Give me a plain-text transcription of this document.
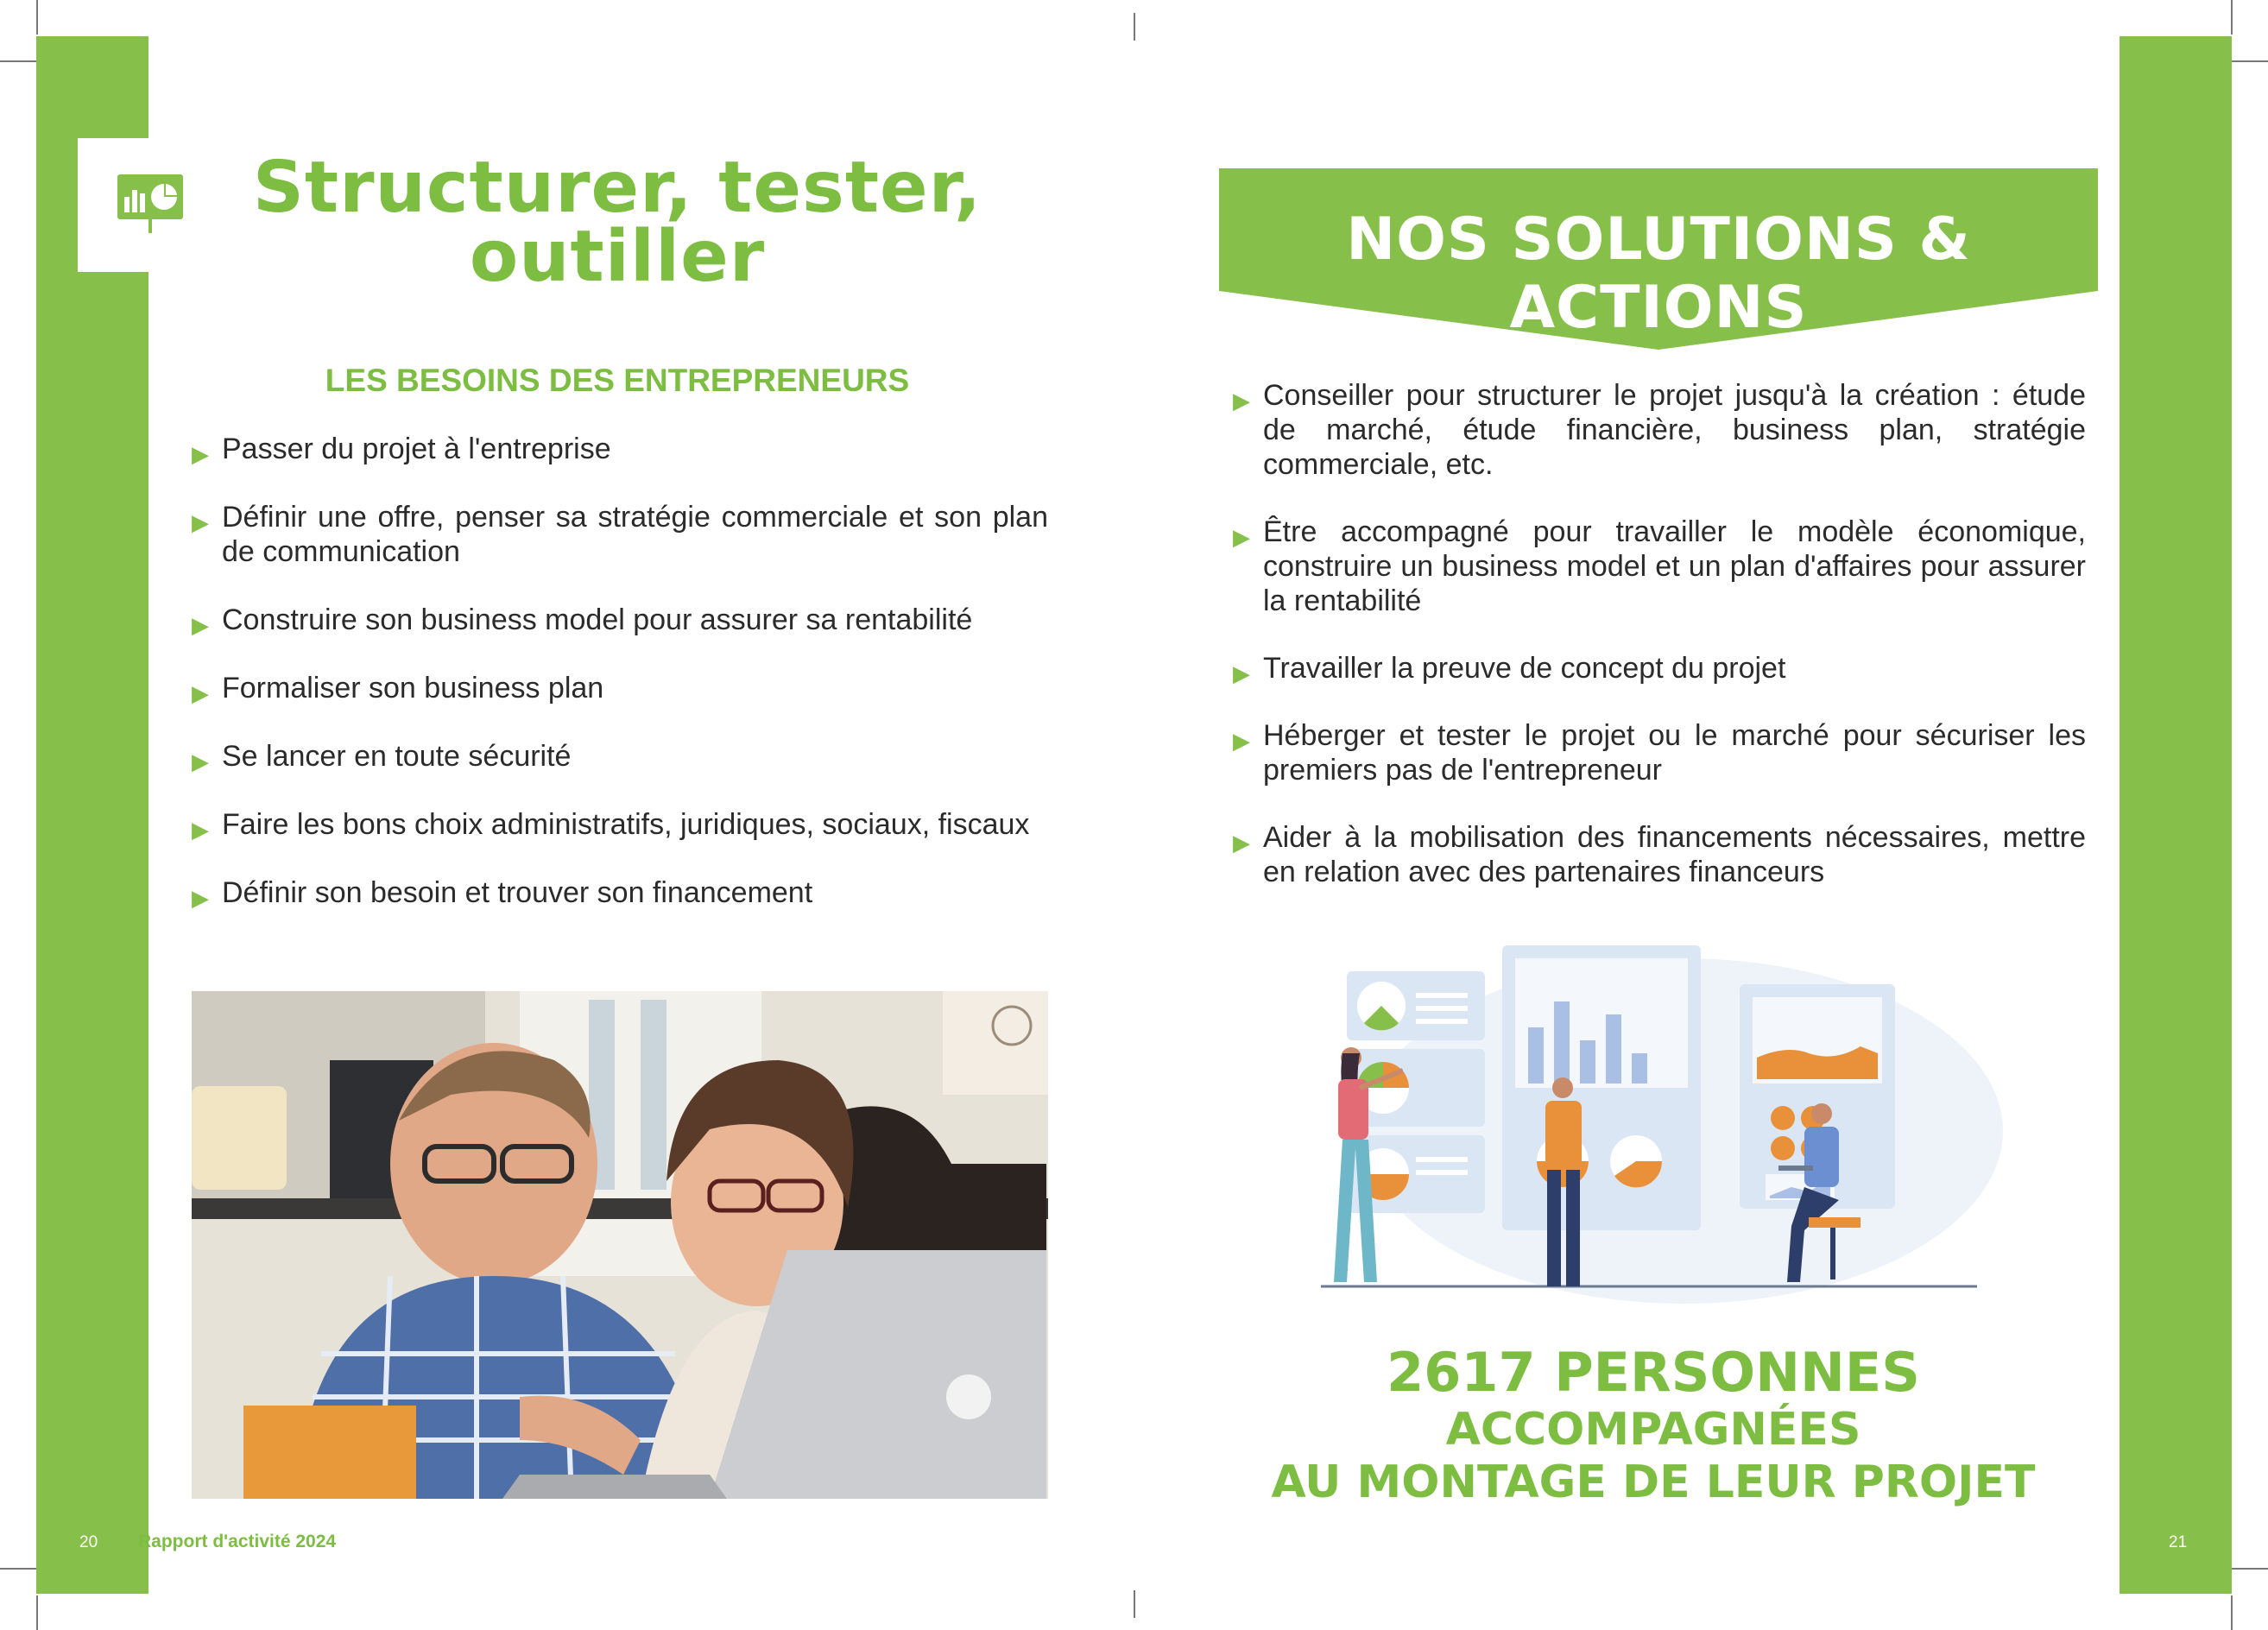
Structurer, tester,
outiller
LES BESOINS DES ENTREPRENEURS
▶ Passer du projet à l'entreprise
▶ Définir une offre, penser sa stratégie commerciale et son plan de communication
▶ Construire son business model pour assurer sa rentabilité
▶ Formaliser son business plan
▶ Se lancer en toute sécurité
▶ Faire les bons choix administratifs, juridiques, sociaux, fiscaux
▶ Définir son besoin et trouver son financement
NOS SOLUTIONS & ACTIONS
▶ Conseiller pour structurer le projet jusqu'à la création : étude de marché, étude financière, business plan, stratégie commerciale, etc.
▶ Être accompagné pour travailler le modèle économique, construire un business model et un plan d'affaires pour assurer la rentabilité
▶ Travailler la preuve de concept du projet
▶ Héberger et tester le projet ou le marché pour sécuriser les premiers pas de l'entrepreneur
▶ Aider à la mobilisation des financements nécessaires, mettre en relation avec des partenaires financeurs
2617 PERSONNES
ACCOMPAGNÉES
AU MONTAGE DE LEUR PROJET
20 Rapport d'activité 2024	21
